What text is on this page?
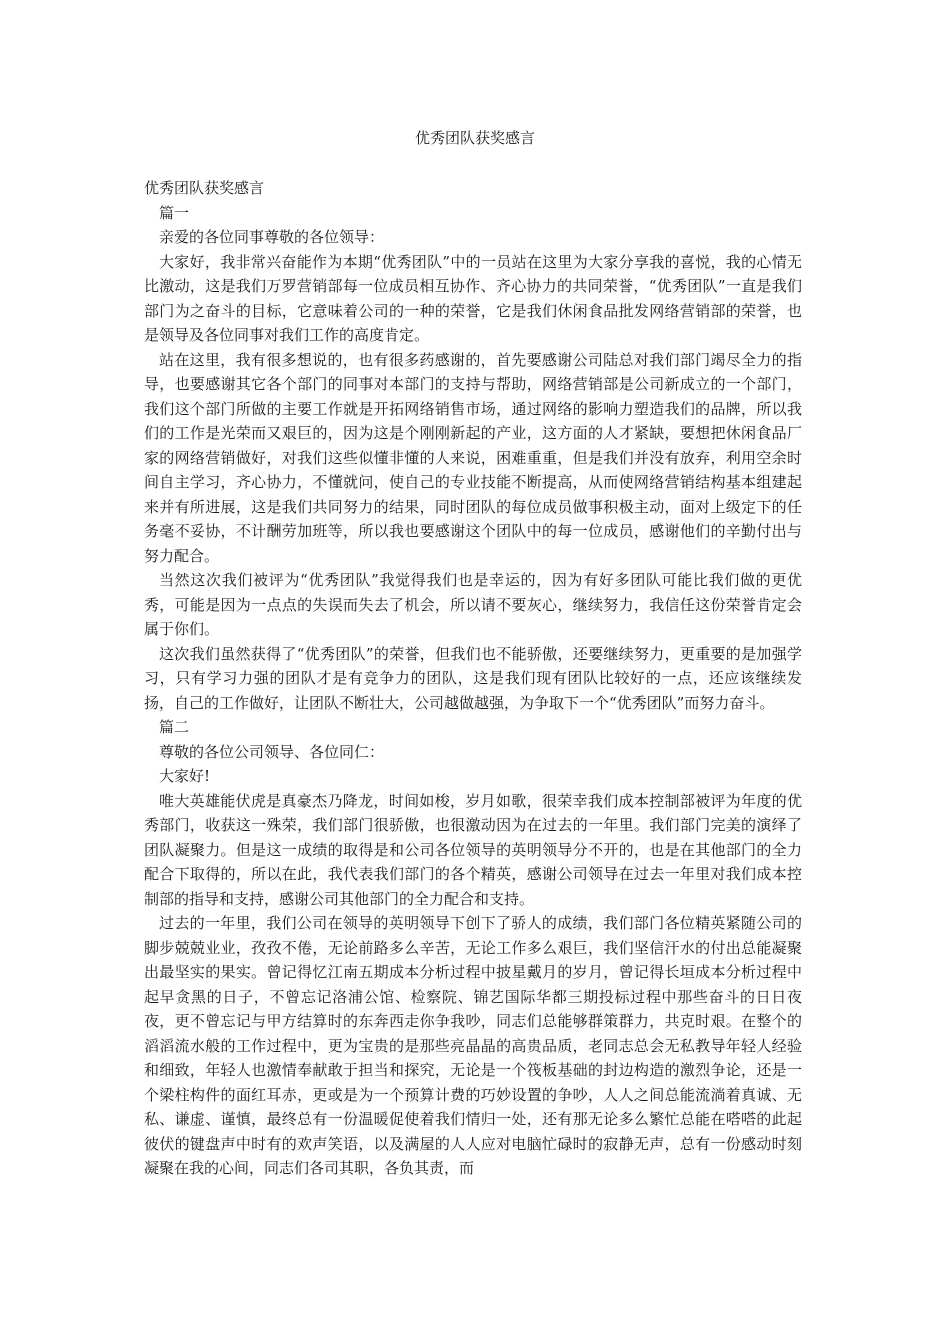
优秀团队获奖感言

优秀团队获奖感言

篇一

亲爱的各位同事尊敬的各位领导：

大家好，我非常兴奋能作为本期“优秀团队”中的一员站在这里为大家分享我的喜悦，我的心情无比激动，这是我们万罗营销部每一位成员相互协作、齐心协力的共同荣誉，“优秀团队”一直是我们部门为之奋斗的目标，它意味着公司的一种的荣誉，它是我们休闲食品批发网络营销部的荣誉，也是领导及各位同事对我们工作的高度肯定。

站在这里，我有很多想说的，也有很多药感谢的，首先要感谢公司陆总对我们部门竭尽全力的指导，也要感谢其它各个部门的同事对本部门的支持与帮助，网络营销部是公司新成立的一个部门，我们这个部门所做的主要工作就是开拓网络销售市场，通过网络的影响力塑造我们的品牌，所以我们的工作是光荣而又艰巨的，因为这是个刚刚新起的产业，这方面的人才紧缺，要想把休闲食品厂家的网络营销做好，对我们这些似懂非懂的人来说，困难重重，但是我们并没有放弃，利用空余时间自主学习，齐心协力，不懂就问，使自己的专业技能不断提高，从而使网络营销结构基本组建起来并有所进展，这是我们共同努力的结果，同时团队的每位成员做事积极主动，面对上级定下的任务毫不妥协，不计酬劳加班等，所以我也要感谢这个团队中的每一位成员，感谢他们的辛勤付出与努力配合。

当然这次我们被评为“优秀团队”我觉得我们也是幸运的，因为有好多团队可能比我们做的更优秀，可能是因为一点点的失误而失去了机会，所以请不要灰心，继续努力，我信任这份荣誉肯定会属于你们。

这次我们虽然获得了“优秀团队”的荣誉，但我们也不能骄傲，还要继续努力，更重要的是加强学习，只有学习力强的团队才是有竞争力的团队，这是我们现有团队比较好的一点，还应该继续发扬，自己的工作做好，让团队不断壮大，公司越做越强，为争取下一个“优秀团队”而努力奋斗。

篇二

尊敬的各位公司领导、各位同仁：

大家好!

唯大英雄能伏虎是真豪杰乃降龙，时间如梭，岁月如歌，很荣幸我们成本控制部被评为年度的优秀部门，收获这一殊荣，我们部门很骄傲，也很激动因为在过去的一年里。我们部门完美的演绎了团队凝聚力。但是这一成绩的取得是和公司各位领导的英明领导分不开的，也是在其他部门的全力配合下取得的，所以在此，我代表我们部门的各个精英，感谢公司领导在过去一年里对我们成本控制部的指导和支持，感谢公司其他部门的全力配合和支持。

过去的一年里，我们公司在领导的英明领导下创下了骄人的成绩，我们部门各位精英紧随公司的脚步兢兢业业，孜孜不倦，无论前路多么辛苦，无论工作多么艰巨，我们坚信汗水的付出总能凝聚出最坚实的果实。曾记得忆江南五期成本分析过程中披星戴月的岁月，曾记得长垣成本分析过程中起早贪黑的日子，不曾忘记洛浦公馆、检察院、锦艺国际华都三期投标过程中那些奋斗的日日夜夜，更不曾忘记与甲方结算时的东奔西走你争我吵，同志们总能够群策群力，共克时艰。在整个的滔滔流水般的工作过程中，更为宝贵的是那些亮晶晶的高贵品质，老同志总会无私教导年轻人经验和细致，年轻人也激情奉献敢于担当和探究，无论是一个筏板基础的封边构造的激烈争论，还是一个梁柱构件的面红耳赤，更或是为一个预算计费的巧妙设置的争吵，人人之间总能流淌着真诚、无私、谦虚、谨慎，最终总有一份温暖促使着我们情归一处，还有那无论多么繁忙总能在嗒嗒的此起彼伏的键盘声中时有的欢声笑语，以及满屋的人人应对电脑忙碌时的寂静无声，总有一份感动时刻凝聚在我的心间，同志们各司其职，各负其责，而
